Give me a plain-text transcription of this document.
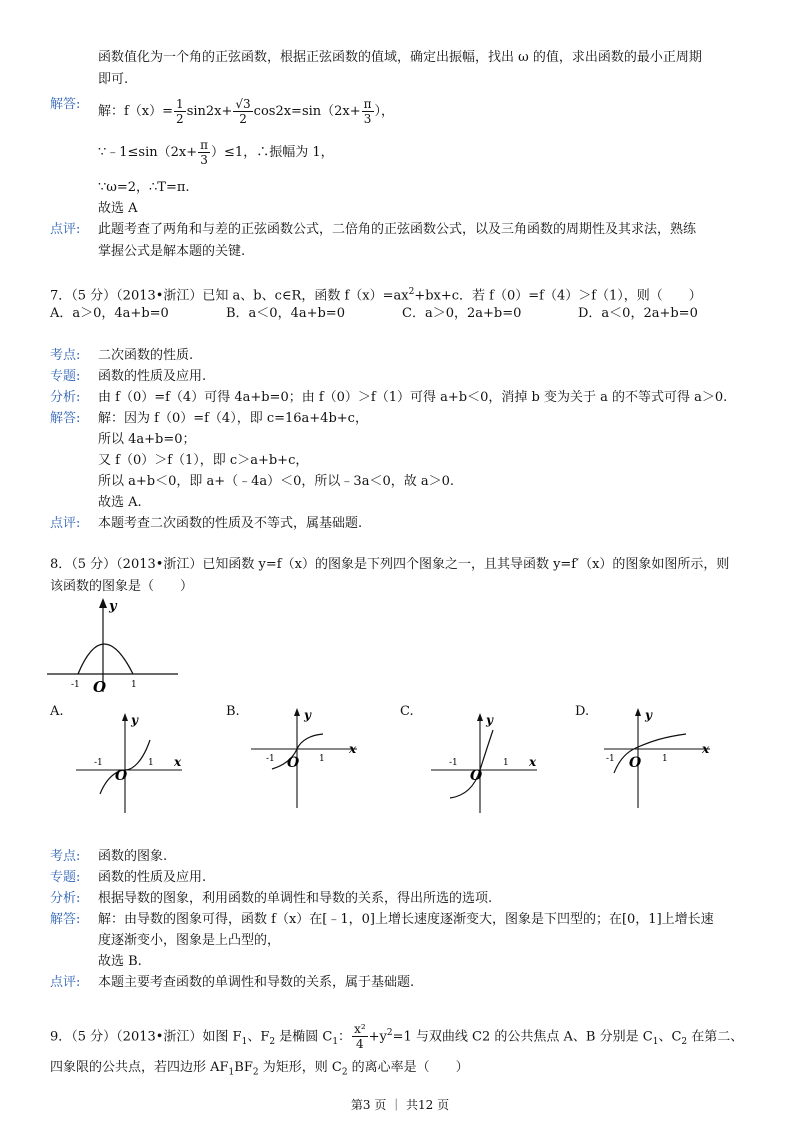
函数值化为一个角的正弦函数，根据正弦函数的值域，确定出振幅，找出 ω 的值，求出函数的最小正周期
即可.
解答: 解：$f(x)= \frac{1}{2} \sin 2x+ \frac{√3}{2} \cos 2x=\sin(2x+ \frac{\pi}{3}$ ），
∵﹣1≤sin（2x+ $\frac{\pi}{3} )\le 1$，∴振幅为 1，
∵ω=2，∴T=π.
故选 A
点评: 此题考查了两角和与差的正弦函数公式，二倍角的正弦函数公式，以及三角函数的周期性及其求法，熟练
掌握公式是解本题的关键.
7．（5 分）（2013•浙江）已知 a、b、c∈R，函数 $f(x)=ax^2+bx+c$．若 f（0）=f（4）＞f（1），则（　　）
A．a＞0，4a+b=0	B．a＜0，4a+b=0	C．a＞0，2a+b=0	D．a＜0，2a+b=0
考点: 二次函数的性质.
专题: 函数的性质及应用.
分析: 由 f（0）=f（4）可得 4a+b=0；由 f（0）＞f（1）可得 a+b＜0，消掉 b 变为关于 a 的不等式可得 a＞0.
解答: 解：因为 f（0）=f（4），即 c=16a+4b+c，
所以 4a+b=0；
又 f（0）＞f（1），即 c＞a+b+c，
所以 a+b＜0，即 a+（﹣4a）＜0，所以﹣3a＜0，故 a＞0.
故选 A.
点评: 本题考查二次函数的性质及不等式，属基础题.
8．（5 分）（2013•浙江）已知函数 y=f（x）的图象是下列四个图象之一，且其导函数 y=f′（x）的图象如图所示，则
该函数的图象是（　　）
y
O
-1	1
A.	B.	C.	D.
y
x
O
-1	1
y
x
O
-1	1
y
x
O
-1	1
y
x
O
-1	1
考点: 函数的图象.
专题: 函数的性质及应用.
分析: 根据导数的图象，利用函数的单调性和导数的关系，得出所选的选项.
解答: 解：由导数的图象可得，函数 f（x）在[﹣1，0]上增长速度逐渐变大，图象是下凹型的；在[0，1]上增长速
度逐渐变小，图象是上凸型的，
故选 B.
点评: 本题主要考查函数的单调性和导数的关系，属于基础题.
9．（5 分）（2013•浙江）如图 $F_1$、$F_2$ 是椭圆 $C_1$： $\frac{\text{x²}}{4} +y^2=1$ 与双曲线 C2 的公共焦点 A、B 分别是 $C_1$、$C_2$ 在第二、
四象限的公共点，若四边形 $AF_1BF_2$ 为矩形，则 $C_2$ 的离心率是（　　）
第3 页 ｜ 共12 页
